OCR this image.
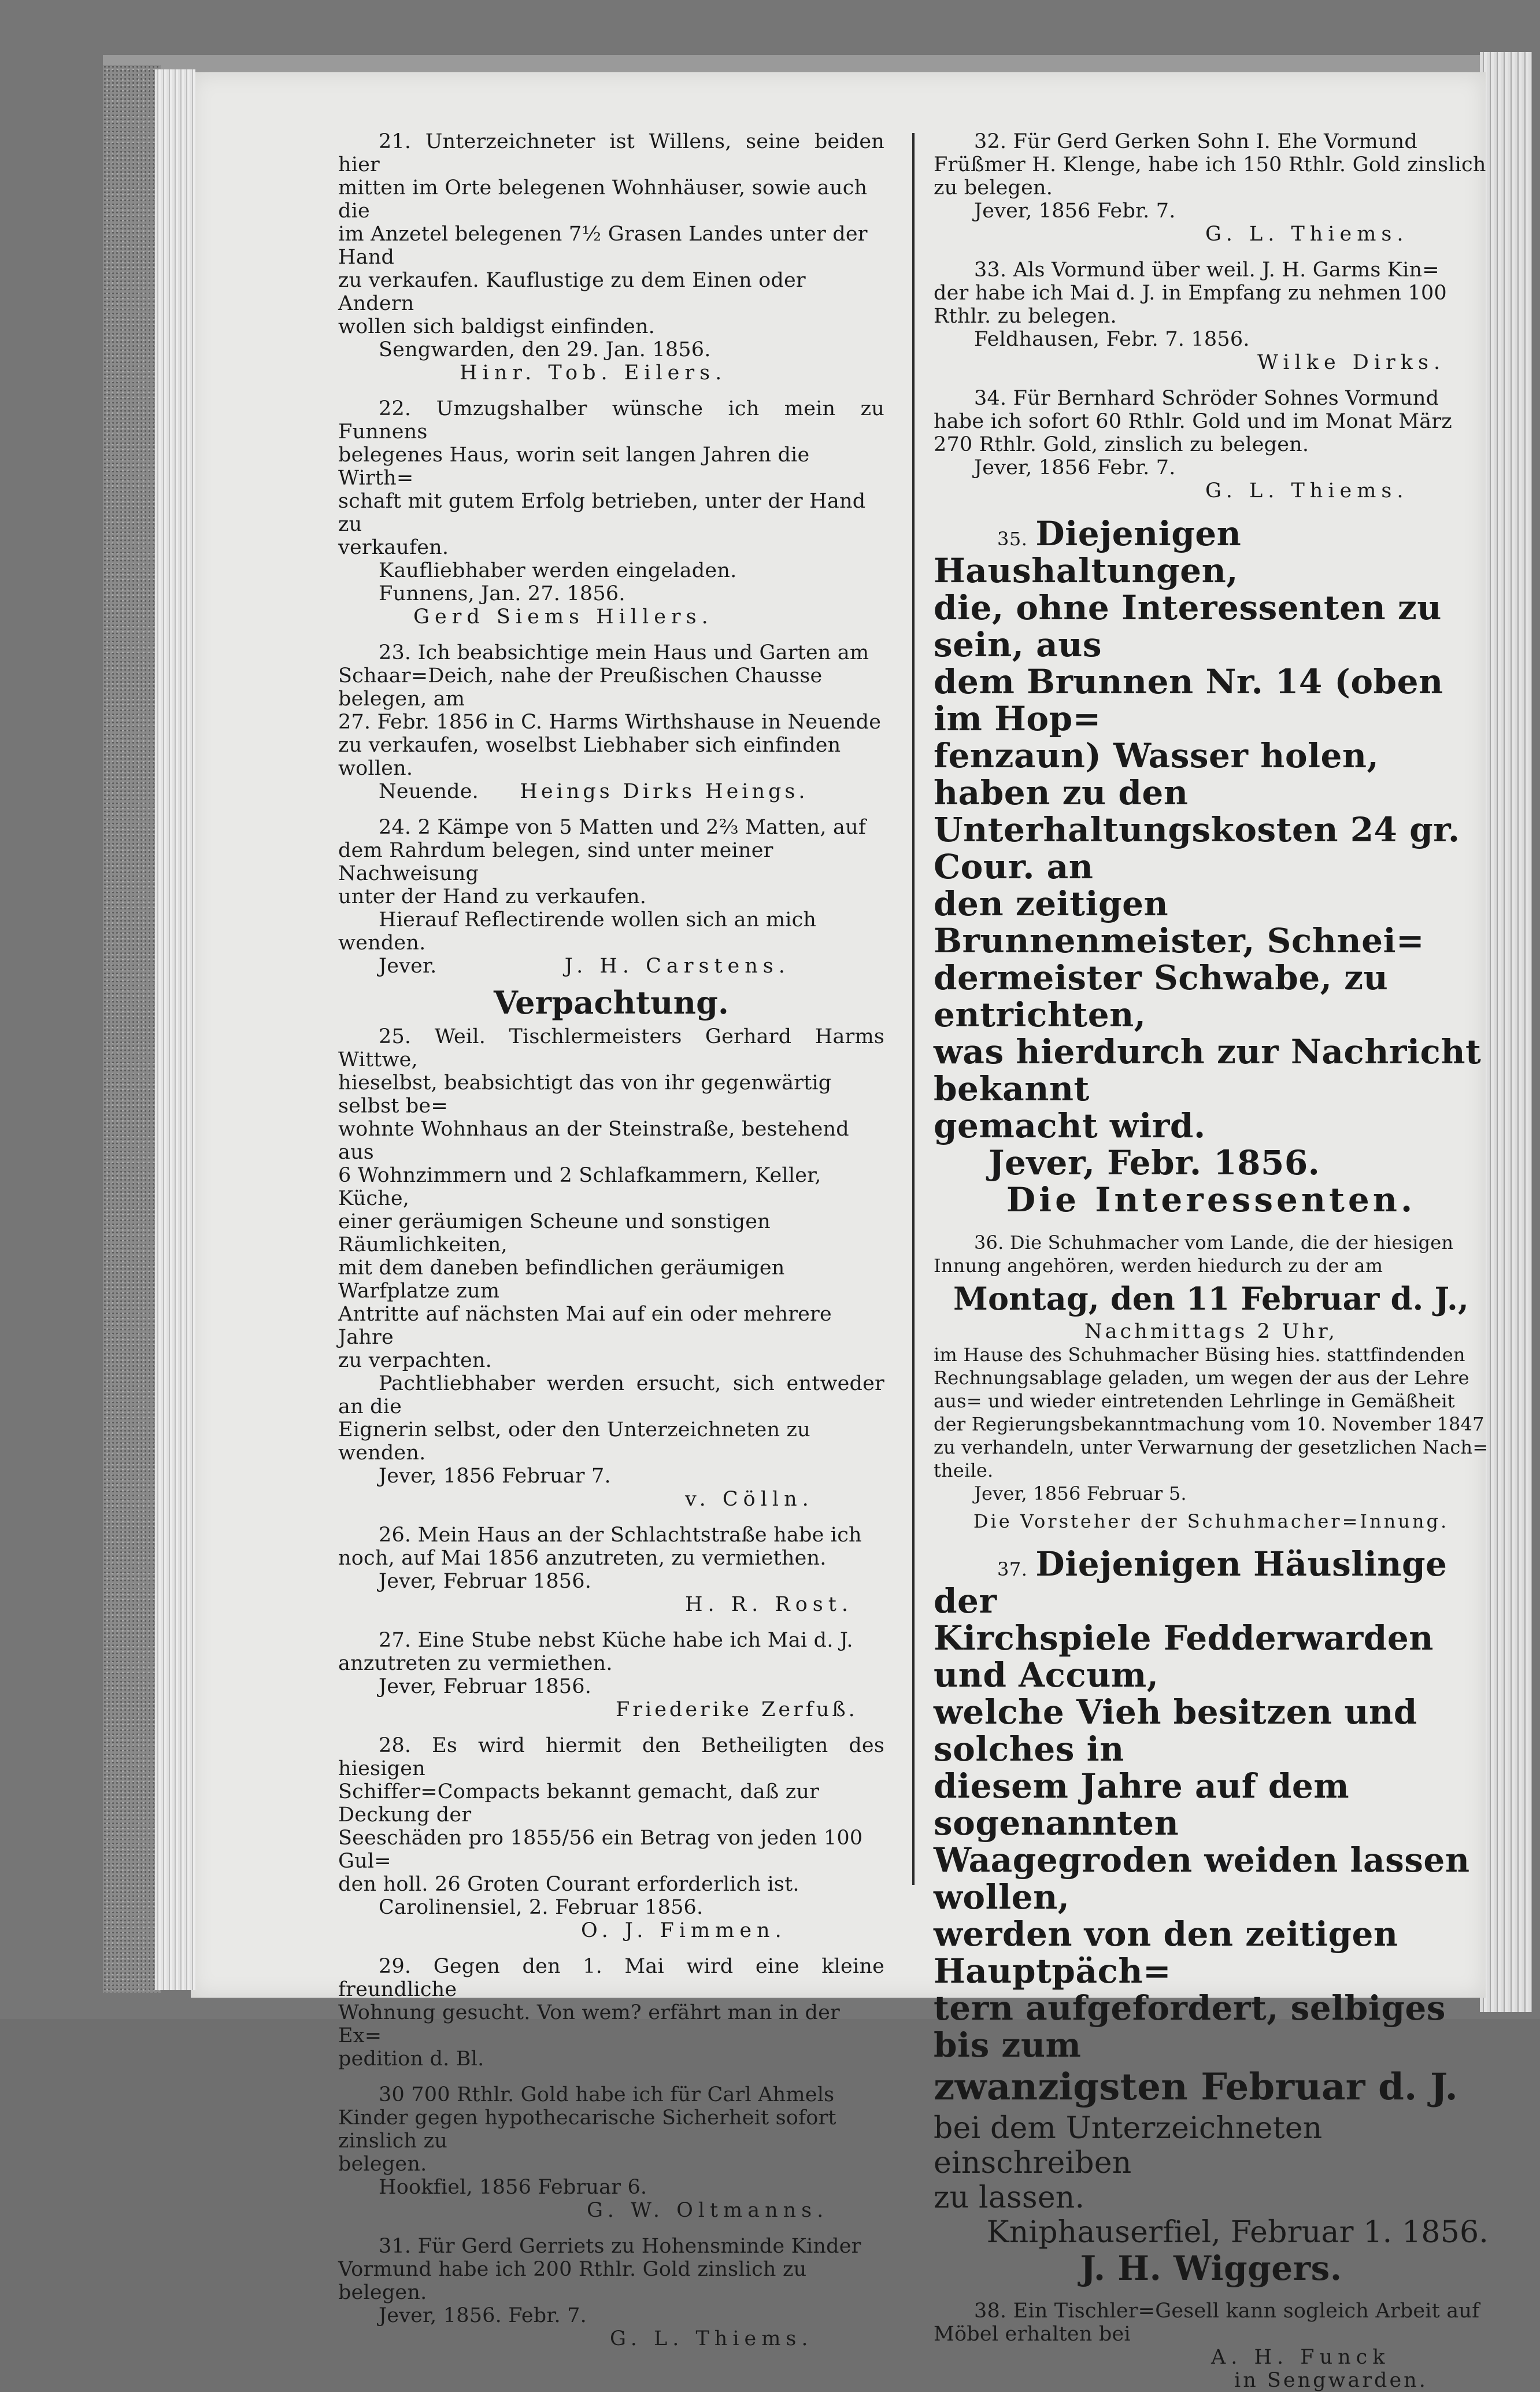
21. Unterzeichneter ist Willens, seine beiden hier
mitten im Orte belegenen Wohnhäuser, sowie auch die
im Anzetel belegenen 7½ Grasen Landes unter der Hand
zu verkaufen. Kauflustige zu dem Einen oder Andern
wollen sich baldigst einfinden.
Sengwarden, den 29. Jan. 1856.
Hinr. Tob. Eilers.
22. Umzugshalber wünsche ich mein zu Funnens
belegenes Haus, worin seit langen Jahren die Wirth=
schaft mit gutem Erfolg betrieben, unter der Hand zu
verkaufen.
Kaufliebhaber werden eingeladen.
Funnens, Jan. 27. 1856.
Gerd Siems Hillers.
23. Ich beabsichtige mein Haus und Garten am
Schaar=Deich, nahe der Preußischen Chausse belegen, am
27. Febr. 1856 in C. Harms Wirthshause in Neuende
zu verkaufen, woselbst Liebhaber sich einfinden wollen.
Neuende. Heings Dirks Heings.
24. 2 Kämpe von 5 Matten und 2⅔ Matten, auf
dem Rahrdum belegen, sind unter meiner Nachweisung
unter der Hand zu verkaufen.
Hierauf Reflectirende wollen sich an mich
wenden.
Jever.	J. H. Carstens.
Verpachtung.
25. Weil. Tischlermeisters Gerhard Harms Wittwe,
hieselbst, beabsichtigt das von ihr gegenwärtig selbst be=
wohnte Wohnhaus an der Steinstraße, bestehend aus
6 Wohnzimmern und 2 Schlafkammern, Keller, Küche,
einer geräumigen Scheune und sonstigen Räumlichkeiten,
mit dem daneben befindlichen geräumigen Warfplatze zum
Antritte auf nächsten Mai auf ein oder mehrere Jahre
zu verpachten.
Pachtliebhaber werden ersucht, sich entweder an die
Eignerin selbst, oder den Unterzeichneten zu wenden.
Jever, 1856 Februar 7.
v. Cölln.
26. Mein Haus an der Schlachtstraße habe ich
noch, auf Mai 1856 anzutreten, zu vermiethen.
Jever, Februar 1856.
H. R. Rost.
27. Eine Stube nebst Küche habe ich Mai d. J.
anzutreten zu vermiethen.
Jever, Februar 1856.
Friederike Zerfuß.
28. Es wird hiermit den Betheiligten des hiesigen
Schiffer=Compacts bekannt gemacht, daß zur Deckung der
Seeschäden pro 1855/56 ein Betrag von jeden 100 Gul=
den holl. 26 Groten Courant erforderlich ist.
Carolinensiel, 2. Februar 1856.
O. J. Fimmen.
29. Gegen den 1. Mai wird eine kleine freundliche
Wohnung gesucht. Von wem? erfährt man in der Ex=
pedition d. Bl.
30 700 Rthlr. Gold habe ich für Carl Ahmels
Kinder gegen hypothecarische Sicherheit sofort zinslich zu
belegen.
Hookfiel, 1856 Februar 6.
G. W. Oltmanns.
31. Für Gerd Gerriets zu Hohensminde Kinder
Vormund habe ich 200 Rthlr. Gold zinslich zu belegen.
Jever, 1856. Febr. 7.
G. L. Thiems.
32. Für Gerd Gerken Sohn I. Ehe Vormund
Früßmer H. Klenge, habe ich 150 Rthlr. Gold zinslich
zu belegen.
Jever, 1856 Febr. 7.
G. L. Thiems.
33. Als Vormund über weil. J. H. Garms Kin=
der habe ich Mai d. J. in Empfang zu nehmen 100
Rthlr. zu belegen.
Feldhausen, Febr. 7. 1856.
Wilke Dirks.
34. Für Bernhard Schröder Sohnes Vormund
habe ich sofort 60 Rthlr. Gold und im Monat März
270 Rthlr. Gold, zinslich zu belegen.
Jever, 1856 Febr. 7.
G. L. Thiems.
35. Diejenigen Haushaltungen,
die, ohne Interessenten zu sein, aus
dem Brunnen Nr. 14 (oben im Hop=
fenzaun) Wasser holen, haben zu den
Unterhaltungskosten 24 gr. Cour. an
den zeitigen Brunnenmeister, Schnei=
dermeister Schwabe, zu entrichten,
was hierdurch zur Nachricht bekannt
gemacht wird.
Jever, Febr. 1856.
Die Interessenten.
36. Die Schuhmacher vom Lande, die der hiesigen
Innung angehören, werden hiedurch zu der am
Montag, den 11 Februar d. J.,
Nachmittags 2 Uhr,
im Hause des Schuhmacher Büsing hies. stattfindenden
Rechnungsablage geladen, um wegen der aus der Lehre
aus= und wieder eintretenden Lehrlinge in Gemäßheit
der Regierungsbekanntmachung vom 10. November 1847
zu verhandeln, unter Verwarnung der gesetzlichen Nach=
theile.
Jever, 1856 Februar 5.
Die Vorsteher der Schuhmacher=Innung.
37. Diejenigen Häuslinge der
Kirchspiele Fedderwarden und Accum,
welche Vieh besitzen und solches in
diesem Jahre auf dem sogenannten
Waagegroden weiden lassen wollen,
werden von den zeitigen Hauptpäch=
tern aufgefordert, selbiges bis zum
zwanzigsten Februar d. J.
bei dem Unterzeichneten einschreiben
zu lassen.
Kniphauserfiel, Februar 1. 1856.
J. H. Wiggers.
38. Ein Tischler=Gesell kann sogleich Arbeit auf
Möbel erhalten bei
A. H. Funck
in Sengwarden.
